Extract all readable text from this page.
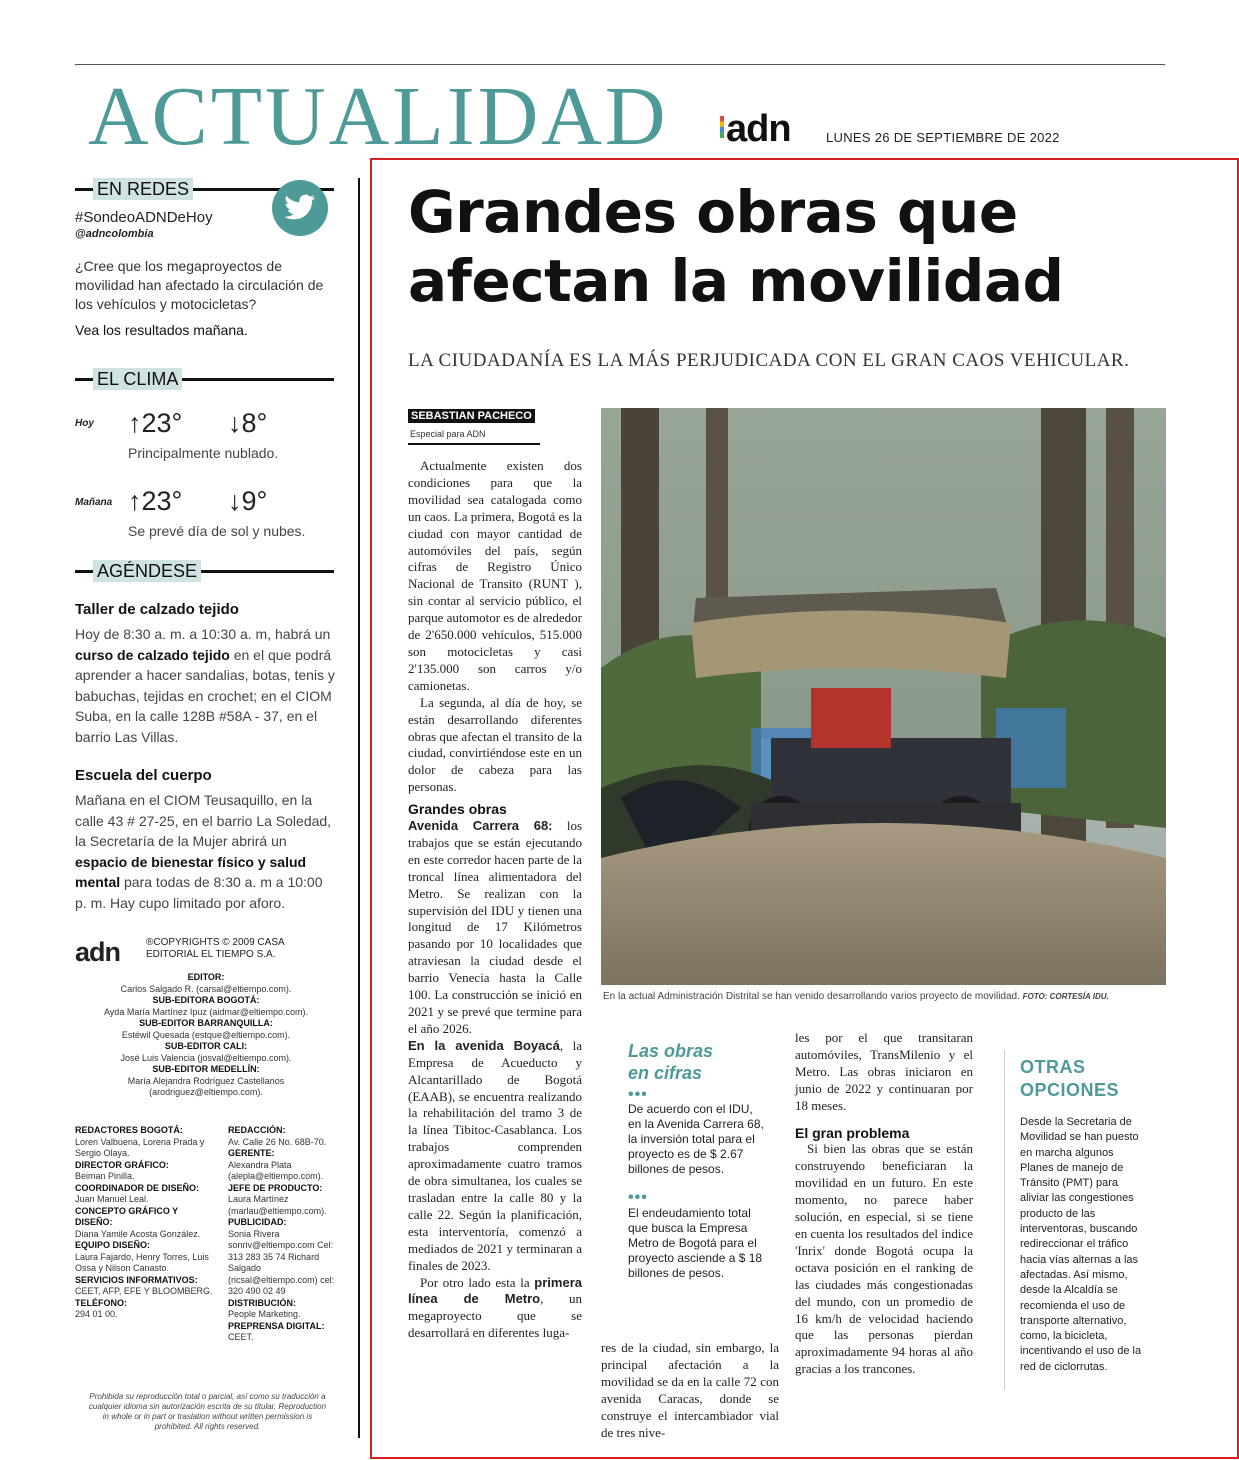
ACTUALIDAD adn	LUNES 26 DE SEPTIEMBRE DE 2022
EN REDES
#SondeoADNDeHoy
@adncolombia
¿Cree que los megaproyectos de movilidad han afectado la circulación de los vehículos y motocicletas?
Vea los resultados mañana.
EL CLIMA
Hoy ↑23° ↓8°
Principalmente nublado.
Mañana ↑23° ↓9°
Se prevé día de sol y nubes.
AGÉNDESE
Taller de calzado tejido
Hoy de 8:30 a. m. a 10:30 a. m, habrá un curso de calzado tejido en el que podrá aprender a hacer sandalias, botas, tenis y babuchas, tejidas en crochet; en el CIOM Suba, en la calle 128B #58A - 37, en el barrio Las Villas.
Escuela del cuerpo
Mañana en el CIOM Teusaquillo, en la calle 43 # 27-25, en el barrio La Soledad, la Secretaría de la Mujer abrirá un espacio de bienestar físico y salud mental para todas de 8:30 a. m a 10:00 p. m. Hay cupo limitado por aforo.
adn	®COPYRIGHTS © 2009 CASA EDITORIAL EL TIEMPO S.A.
EDITOR:
Carlos Salgado R. (carsal@eltiempo.com).
SUB-EDITORA BOGOTÁ:
Ayda María Martínez Ipuz (aidmar@eltiempo.com).
SUB-EDITOR BARRANQUILLA:
Estéwil Quesada (estque@eltiempo.com).
SUB-EDITOR CALI:
José Luis Valencia (josval@eltiempo.com).
SUB-EDITOR MEDELLÍN:
María Alejandra Rodríguez Castellanos (arodriguez@eltiempo.com).
REDACTORES BOGOTÁ:
Loren Valbuena, Lorena Prada y Sergio Olaya.
DIRECTOR GRÁFICO:
Beiman Pinilla.
COORDINADOR DE DISEÑO:
Juan Manuel Leal.
CONCEPTO GRÁFICO Y DISEÑO:
Diana Yamile Acosta González.
EQUIPO DISEÑO:
Laura Fajardo, Henry Torres, Luis Ossa y Nilson Canasto.
SERVICIOS INFORMATIVOS:
CEET, AFP, EFE Y BLOOMBERG.
TELÉFONO:
294 01 00.
REDACCIÓN:
Av. Calle 26 No. 68B-70.
GERENTE:
Alexandra Plata (alepla@eltiempo.com).
JEFE DE PRODUCTO:
Laura Martínez (marlau@eltiempo.com).
PUBLICIDAD:
Sonia Rivera sonriv@eltiempo.com Cel: 313 283 35 74 Richard Salgado (ricsal@eltiempo.com) cel: 320 490 02 49
DISTRIBUCIÓN:
People Marketing.
PREPRENSA DIGITAL:
CEET.
Prohibida su reproducción total o parcial, así como su traducción a cualquier idioma sin autorización escrita de su titular. Reproduction in whole or in part or traslation without written permission is prohibited. All rights reserved.
Grandes obras que afectan la movilidad
LA CIUDADANÍA ES LA MÁS PERJUDICADA CON EL GRAN CAOS VEHICULAR.
SEBASTIAN PACHECO
Especial para ADN

Actualmente existen dos condiciones para que la movilidad sea catalogada como un caos. La primera, Bogotá es la ciudad con mayor cantidad de automóviles del país, según cifras de Registro Único Nacional de Transito (RUNT ), sin contar al servicio público, el parque automotor es de alrededor de 2'650.000 vehículos, 515.000 son motocicletas y casi 2'135.000 son carros y/o camionetas.

La segunda, al día de hoy, se están desarrollando diferentes obras que afectan el transito de la ciudad, convirtiéndose este en un dolor de cabeza para las personas.

Grandes obras

Avenida Carrera 68: los trabajos que se están ejecutando en este corredor hacen parte de la troncal línea alimentadora del Metro. Se realizan con la supervisión del IDU y tienen una longitud de 17 Kilómetros pasando por 10 localidades que atraviesan la ciudad desde el barrio Venecia hasta la Calle 100. La construcción se inició en 2021 y se prevé que termine para el año 2026.

En la avenida Boyacá, la Empresa de Acueducto y Alcantarillado de Bogotá (EAAB), se encuentra realizando la rehabilitación del tramo 3 de la línea Tibitoc-Casablanca. Los trabajos comprenden aproximadamente cuatro tramos de obra simultanea, los cuales se trasladan entre la calle 80 y la calle 22. Según la planificación, esta interventoría, comenzó a mediados de 2021 y terminaran a finales de 2023.

Por otro lado esta la primera línea de Metro, un megaproyecto que se desarrollará en diferentes luga-

En la actual Administración Distrital se han venido desarrollando varios proyecto de movilidad. FOTO: CORTESÍA IDU.
Las obras
en cifras
•••
De acuerdo con el IDU, en la Avenida Carrera 68, la inversión total para el proyecto es de $ 2.67 billones de pesos.
•••
El endeudamiento total que busca la Empresa Metro de Bogotá para el proyecto asciende a $ 18 billones de pesos.

res de la ciudad, sin embargo, la principal afectación a la movilidad se da en la calle 72 con avenida Caracas, donde se construye el intercambiador vial de tres nive-

les por el que transitaran automóviles, TransMilenio y el Metro. Las obras iniciaron en junio de 2022 y continuaran por 18 meses.

El gran problema

Si bien las obras que se están construyendo beneficiaran la movilidad en un futuro. En este momento, no parece haber solución, en especial, si se tiene en cuenta los resultados del índice 'Inrix' donde Bogotá ocupa la octava posición en el ranking de las ciudades más congestionadas del mundo, con un promedio de 16 km/h de velocidad haciendo que las personas pierdan aproximadamente 94 horas al año gracias a los trancones.

OTRAS
OPCIONES
Desde la Secretaria de Movilidad se han puesto en marcha algunos Planes de manejo de Tránsito (PMT) para aliviar las congestiones producto de las interventoras, buscando redireccionar el tráfico hacia vías alternas a las afectadas. Así mismo, desde la Alcaldía se recomienda el uso de transporte alternativo, como, la bicicleta, incentivando el uso de la red de ciclorrutas.
